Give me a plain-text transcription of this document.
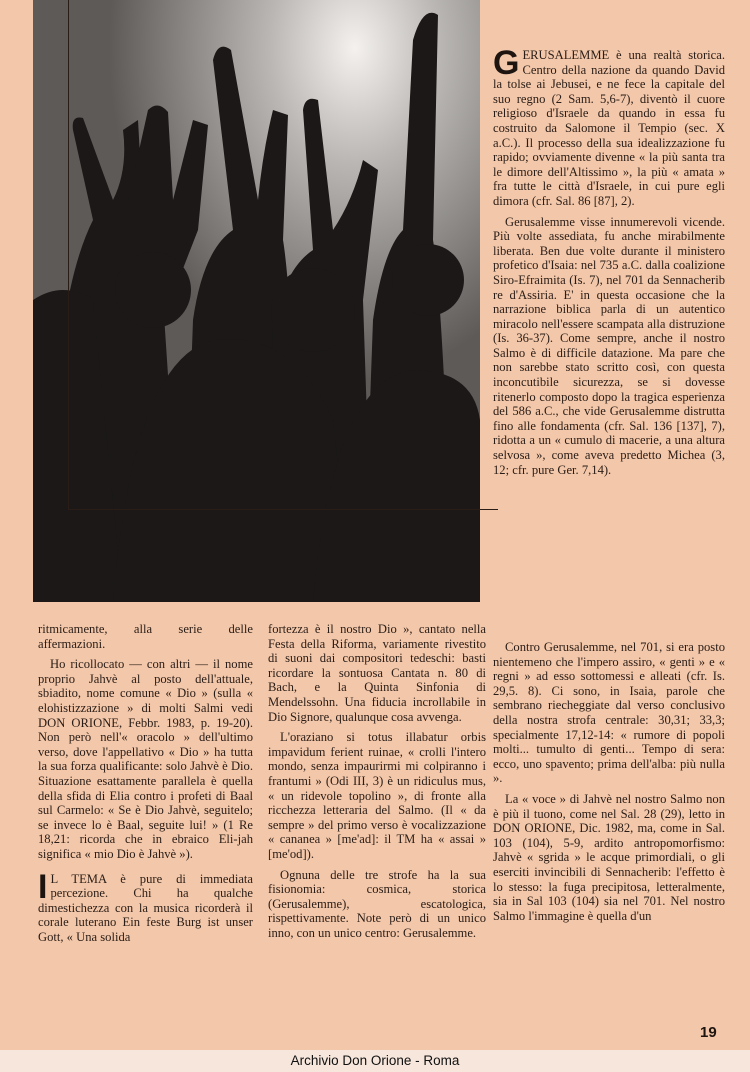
GERUSALEMME è una realtà storica. Centro della nazione da quando David la tolse ai Jebusei, e ne fece la capitale del suo regno (2 Sam. 5,6-7), diventò il cuore religioso d'Israele da quando in essa fu costruito da Salomone il Tempio (sec. X a.C.). Il processo della sua idealizzazione fu rapido; ovviamente divenne « la più santa tra le dimore dell'Altissimo », la più « amata » fra tutte le città d'Israele, in cui pure egli dimora (cfr. Sal. 86 [87], 2).

Gerusalemme visse innumerevoli vicende. Più volte assediata, fu anche mirabilmente liberata. Ben due volte durante il ministero profetico d'Isaia: nel 735 a.C. dalla coalizione Siro-Efraimita (Is. 7), nel 701 da Sennacherib re d'Assiria. E' in questa occasione che la narrazione biblica parla di un autentico miracolo nell'essere scampata alla distruzione (Is. 36-37). Come sempre, anche il nostro Salmo è di difficile datazione. Ma pare che non sarebbe stato scritto così, con questa inconcutibile sicurezza, se si dovesse ritenerlo composto dopo la tragica esperienza del 586 a.C., che vide Gerusalemme distrutta fino alle fondamenta (cfr. Sal. 136 [137], 7), ridotta a un « cumulo di macerie, a una altura selvosa », come aveva predetto Michea (3, 12; cfr. pure Ger. 7,14).

ritmicamente, alla serie delle affermazioni.

Ho ricollocato — con altri — il nome proprio Jahvè al posto dell'attuale, sbiadito, nome comune « Dio » (sulla « elohistizzazione » di molti Salmi vedi DON ORIONE, Febbr. 1983, p. 19-20). Non però nell'« oracolo » dell'ultimo verso, dove l'appellativo « Dio » ha tutta la sua forza qualificante: solo Jahvè è Dio. Situazione esattamente parallela è quella della sfida di Elia contro i profeti di Baal sul Carmelo: « Se è Dio Jahvè, seguitelo; se invece lo è Baal, seguite lui! » (1 Re 18,21: ricorda che in ebraico Eli-jah significa « mio Dio è Jahvè »).

I L TEMA è pure di immediata percezione. Chi ha qualche dimestichezza con la musica ricorderà il corale luterano Ein feste Burg ist unser Gott, « Una solida

fortezza è il nostro Dio », cantato nella Festa della Riforma, variamente rivestito di suoni dai compositori tedeschi: basti ricordare la sontuosa Cantata n. 80 di Bach, e la Quinta Sinfonia di Mendelssohn. Una fiducia incrollabile in Dio Signore, qualunque cosa avvenga.

L'oraziano si totus illabatur orbis impavidum ferient ruinae, « crolli l'intero mondo, senza impaurirmi mi colpiranno i frantumi » (Odi III, 3) è un ridiculus mus, « un ridevole topolino », di fronte alla ricchezza letteraria del Salmo. (Il « da sempre » del primo verso è vocalizzazione « cananea » [me'ad]: il TM ha « assai » [me'od]).

Ognuna delle tre strofe ha la sua fisionomia: cosmica, storica (Gerusalemme), escatologica, rispettivamente. Note però di un unico inno, con un unico centro: Gerusalemme.

Contro Gerusalemme, nel 701, si era posto nientemeno che l'impero assiro, « genti » e « regni » ad esso sottomessi e alleati (cfr. Is. 29,5. 8). Ci sono, in Isaia, parole che sembrano riecheggiate dal verso conclusivo della nostra strofa centrale: 30,31; 33,3; specialmente 17,12-14: « rumore di popoli molti... tumulto di genti... Tempo di sera: ecco, uno spavento; prima dell'alba: più nulla ».

La « voce » di Jahvè nel nostro Salmo non è più il tuono, come nel Sal. 28 (29), letto in DON ORIONE, Dic. 1982, ma, come in Sal. 103 (104), 5-9, ardito antropomorfismo: Jahvè « sgrida » le acque primordiali, o gli eserciti invincibili di Sennacherib: l'effetto è lo stesso: la fuga precipitosa, letteralmente, sia in Sal 103 (104) sia nel 701. Nel nostro Salmo l'immagine è quella d'un

19
Archivio Don Orione - Roma
